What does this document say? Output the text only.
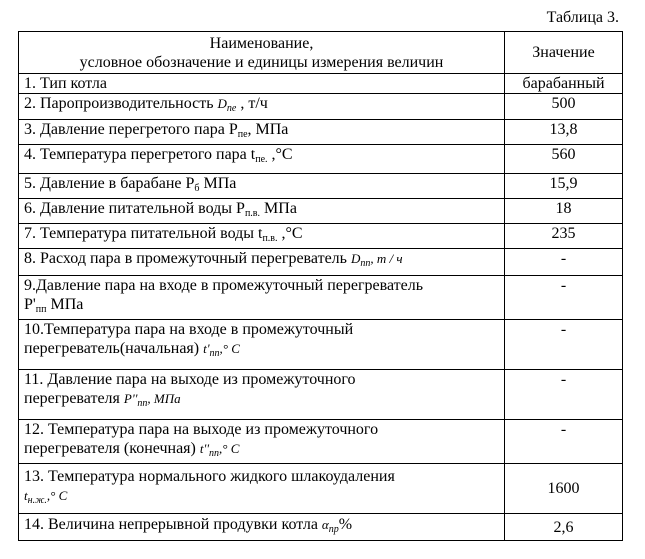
Таблица 3.
Наименование,
условное обозначение и единицы измерения величин	Значение
1. Тип котла	барабанный
2. Паропроизводительность $D_{пе}$ , т/ч	500
3. Давление перегретого пара $Р_{пе}$, МПа	13,8
4. Температура перегретого пара $t_{пе.}$ ,°С	560
5. Давление в барабане $Р_б$ МПа	15,9
6. Давление питательной воды $Р_{п.в.}$ МПа	18
7. Температура питательной воды $t_{п.в.}$ ,°С	235
8. Расход пара в промежуточный перегреватель $D_{пп}$, т / ч	-
9.Давление пара на входе в промежуточный перегреватель
$Р'_{пп}$ МПа	-

10.Температура пара на входе в промежуточный
перегреватель(начальная) $t'_{пп},^\circ$ С	-

11. Давление пара на выходе из промежуточного
перегревателя $P''_{пп}$, МПа	-

12. Температура пара на выходе из промежуточного
перегревателя (конечная) $t''_{пп},^\circ$ С	-

13. Температура нормального жидкого шлакоудаления
$t_{н.ж.},^\circ$ С	1600
14. Величина непрерывной продувки котла $\alpha_{пр}\%$	2,6
